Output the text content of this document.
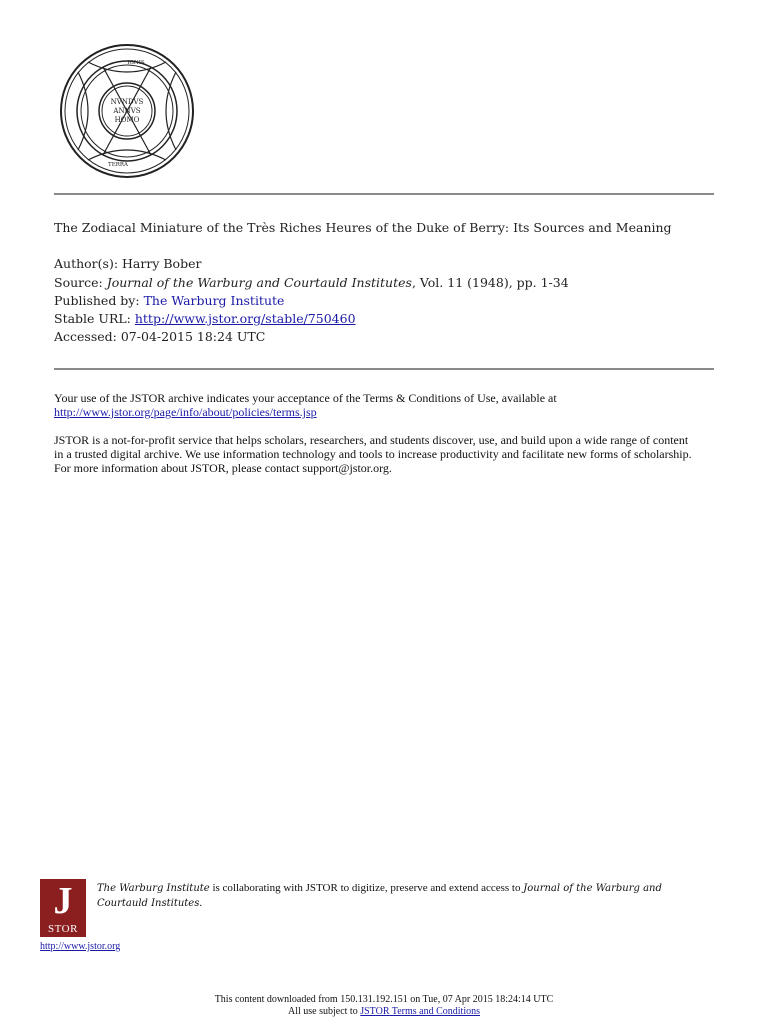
NVNDVS
ANNVS
HOMO
IGNIS
TERRA
The Zodiacal Miniature of the Très Riches Heures of the Duke of Berry: Its Sources and Meaning
Author(s): Harry Bober
Source: Journal of the Warburg and Courtauld Institutes, Vol. 11 (1948), pp. 1-34
Published by: The Warburg Institute
Stable URL: http://www.jstor.org/stable/750460
Accessed: 07-04-2015 18:24 UTC
Your use of the JSTOR archive indicates your acceptance of the Terms & Conditions of Use, available at
http://www.jstor.org/page/info/about/policies/terms.jsp
JSTOR is a not-for-profit service that helps scholars, researchers, and students discover, use, and build upon a wide range of content
in a trusted digital archive. We use information technology and tools to increase productivity and facilitate new forms of scholarship.
For more information about JSTOR, please contact support@jstor.org.
J
STOR
The Warburg Institute is collaborating with JSTOR to digitize, preserve and extend access to Journal of the Warburg and
Courtauld Institutes.
http://www.jstor.org
This content downloaded from 150.131.192.151 on Tue, 07 Apr 2015 18:24:14 UTC
All use subject to JSTOR Terms and Conditions
